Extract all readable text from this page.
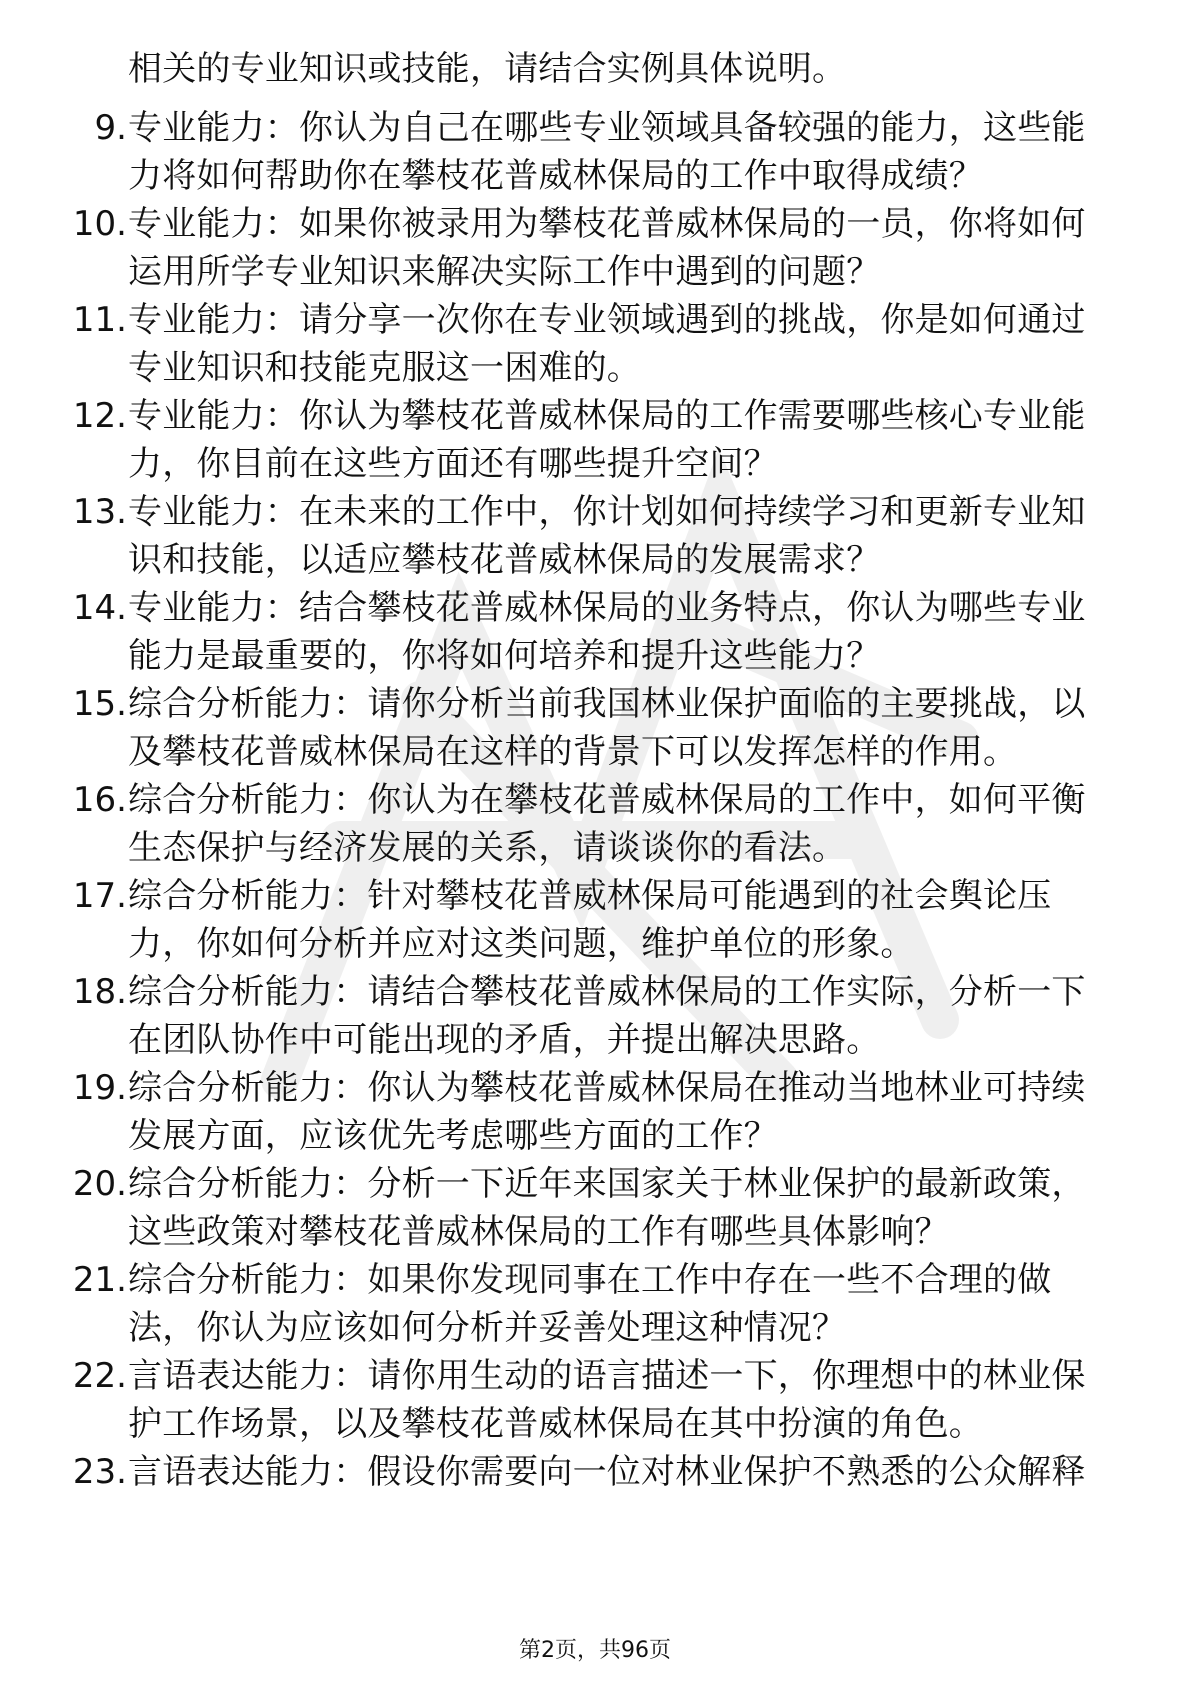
相关的专业知识或技能，请结合实例具体说明。
9. 专业能力：你认为自己在哪些专业领域具备较强的能力，这些能
力将如何帮助你在攀枝花普威林保局的工作中取得成绩？
10. 专业能力：如果你被录用为攀枝花普威林保局的一员，你将如何
运用所学专业知识来解决实际工作中遇到的问题？
11. 专业能力：请分享一次你在专业领域遇到的挑战，你是如何通过
专业知识和技能克服这一困难的。
12. 专业能力：你认为攀枝花普威林保局的工作需要哪些核心专业能
力，你目前在这些方面还有哪些提升空间？
13. 专业能力：在未来的工作中，你计划如何持续学习和更新专业知
识和技能，以适应攀枝花普威林保局的发展需求？
14. 专业能力：结合攀枝花普威林保局的业务特点，你认为哪些专业
能力是最重要的，你将如何培养和提升这些能力？
15. 综合分析能力：请你分析当前我国林业保护面临的主要挑战，以
及攀枝花普威林保局在这样的背景下可以发挥怎样的作用。
16. 综合分析能力：你认为在攀枝花普威林保局的工作中，如何平衡
生态保护与经济发展的关系，请谈谈你的看法。
17. 综合分析能力：针对攀枝花普威林保局可能遇到的社会舆论压
力，你如何分析并应对这类问题，维护单位的形象。
18. 综合分析能力：请结合攀枝花普威林保局的工作实际，分析一下
在团队协作中可能出现的矛盾，并提出解决思路。
19. 综合分析能力：你认为攀枝花普威林保局在推动当地林业可持续
发展方面，应该优先考虑哪些方面的工作？
20. 综合分析能力：分析一下近年来国家关于林业保护的最新政策，
这些政策对攀枝花普威林保局的工作有哪些具体影响？
21. 综合分析能力：如果你发现同事在工作中存在一些不合理的做
法，你认为应该如何分析并妥善处理这种情况？
22. 言语表达能力：请你用生动的语言描述一下，你理想中的林业保
护工作场景，以及攀枝花普威林保局在其中扮演的角色。
23. 言语表达能力：假设你需要向一位对林业保护不熟悉的公众解释
第2页，共96页
